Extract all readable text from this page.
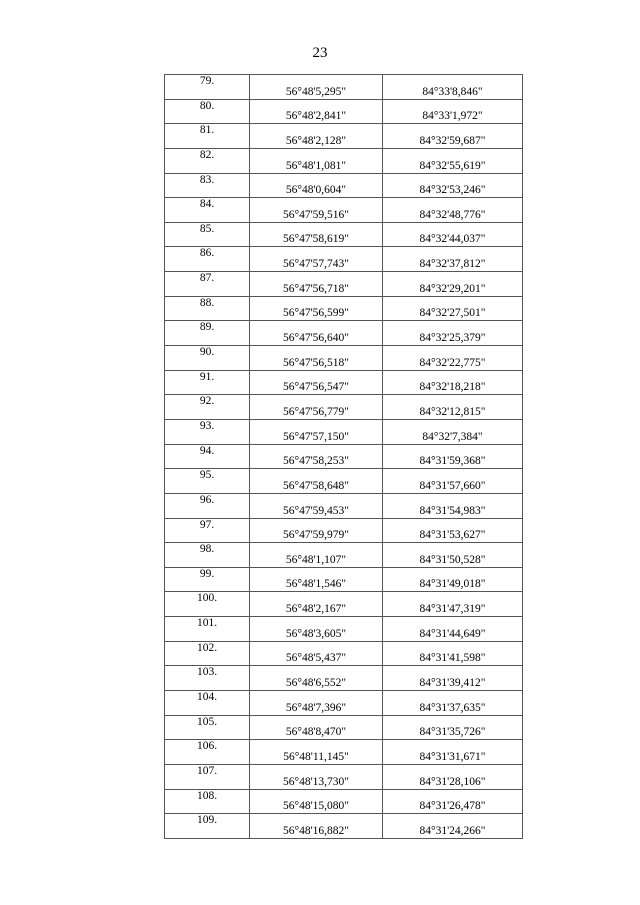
23
79.	56°48'5,295"	84°33'8,846"
80.	56°48'2,841"	84°33'1,972"
81.	56°48'2,128"	84°32'59,687"
82.	56°48'1,081"	84°32'55,619"
83.	56°48'0,604"	84°32'53,246"
84.	56°47'59,516"	84°32'48,776"
85.	56°47'58,619"	84°32'44,037"
86.	56°47'57,743"	84°32'37,812"
87.	56°47'56,718"	84°32'29,201"
88.	56°47'56,599"	84°32'27,501"
89.	56°47'56,640"	84°32'25,379"
90.	56°47'56,518"	84°32'22,775"
91.	56°47'56,547"	84°32'18,218"
92.	56°47'56,779"	84°32'12,815"
93.	56°47'57,150"	84°32'7,384"
94.	56°47'58,253"	84°31'59,368"
95.	56°47'58,648"	84°31'57,660"
96.	56°47'59,453"	84°31'54,983"
97.	56°47'59,979"	84°31'53,627"
98.	56°48'1,107"	84°31'50,528"
99.	56°48'1,546"	84°31'49,018"
100.	56°48'2,167"	84°31'47,319"
101.	56°48'3,605"	84°31'44,649"
102.	56°48'5,437"	84°31'41,598"
103.	56°48'6,552"	84°31'39,412"
104.	56°48'7,396"	84°31'37,635"
105.	56°48'8,470"	84°31'35,726"
106.	56°48'11,145"	84°31'31,671"
107.	56°48'13,730"	84°31'28,106"
108.	56°48'15,080"	84°31'26,478"
109.	56°48'16,882"	84°31'24,266"
